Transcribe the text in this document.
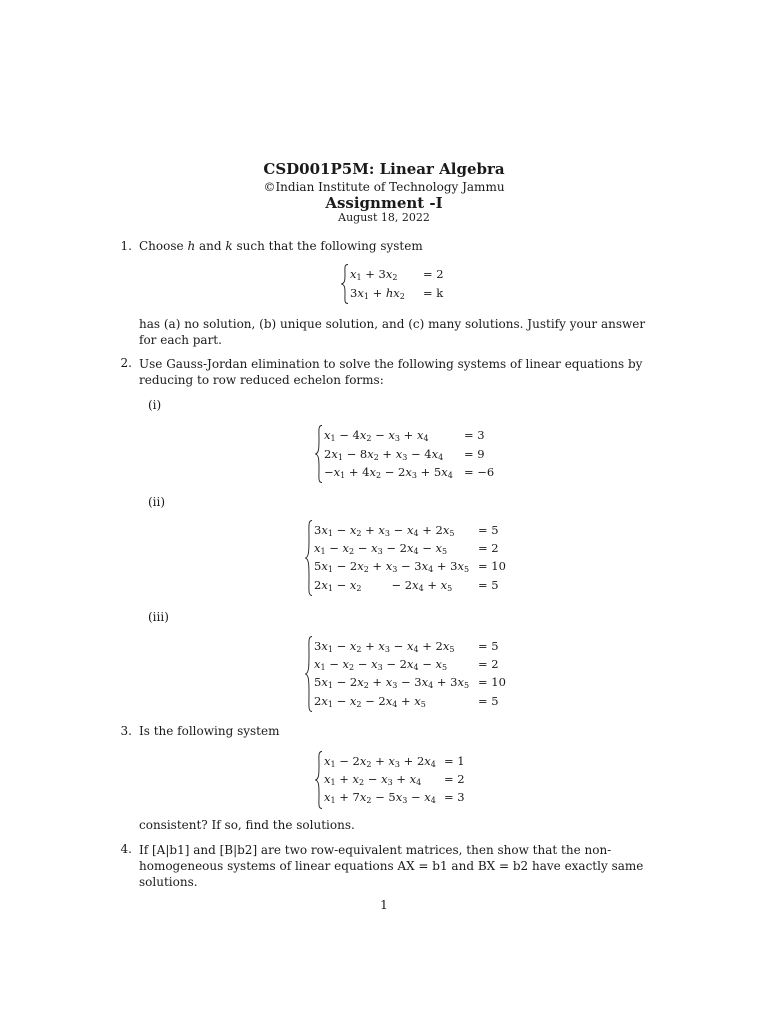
CSD001P5M: Linear Algebra
©Indian Institute of Technology Jammu
Assignment -I
August 18, 2022
1. Choose h and k such that the following system
$x_1 + 3x_2 = 2$
$3x_1 + hx_2 = k$
has (a) no solution, (b) unique solution, and (c) many solutions. Justify your answer for each part.
2. Use Gauss-Jordan elimination to solve the following systems of linear equations by reducing to row reduced echelon forms:
(i)
$x_1 - 4x_2 - x_3 + x_4$	= 3
$2x_1 - 8x_2 + x_3 - 4x_4 = 9$
$-x_1 + 4x_2 - 2x_3 + 5x_4 = -6$
(ii)
$3x_1 - x_2 + x_3 - x_4 + 2x_5 = 5$
$x_1 - x_2 - x_3 - 2x_4 - x_5$	= 2
$5x_1 - 2x_2 + x_3 - 3x_4 + 3x_5 = 10$
$2x_1 - x_2$	− $2x_4 + x_5 = 5$
(iii)
$3x_1 - x_2 + x_3 - x_4 + 2x_5 = 5$
$x_1 - x_2 - x_3 - 2x_4 - x_5$	= 2
$5x_1 - 2x_2 + x_3 - 3x_4 + 3x_5 = 10$
$2x_1 - x_2 - 2x_4 + x_5$	= 5
3. Is the following system
$x_1 - 2x_2 + x_3 + 2x_4 = 1$
$x_1 + x_2 - x_3 + x_4 = 2$
$x_1 + 7x_2 - 5x_3 - x_4 = 3$
consistent? If so, find the solutions.
4. If [A|b1] and [B|b2] are two row-equivalent matrices, then show that the non-homogeneous systems of linear equations AX = b1 and BX = b2 have exactly same solutions.
1
